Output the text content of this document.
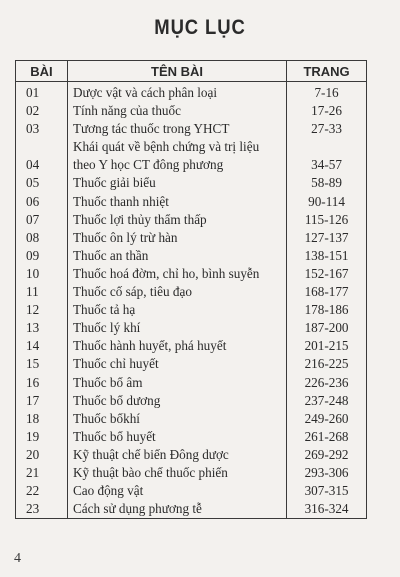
MỤC LỤC
BÀI	TÊN BÀI	TRANG
01	Dược vật và cách phân loại	7-16
02	Tính năng của thuốc	17-26
03	Tương tác thuốc trong YHCT	27-33
04	Khái quát về bệnh chứng và trị liệu
theo Y học CT đông phương	34-57
05	Thuốc giải biểu	58-89
06	Thuốc thanh nhiệt	90-114
07	Thuốc lợi thủy thẩm thấp	115-126
08	Thuốc ôn lý trừ hàn	127-137
09	Thuốc an thần	138-151
10	Thuốc hoá đờm, chỉ ho, bình suyễn	152-167
11	Thuốc cố sáp, tiêu đạo	168-177
12	Thuốc tả hạ	178-186
13	Thuốc lý khí	187-200
14	Thuốc hành huyết, phá huyết	201-215
15	Thuốc chỉ huyết	216-225
16	Thuốc bổ âm	226-236
17	Thuốc bổ dương	237-248
18	Thuốc bổkhí	249-260
19	Thuốc bổ huyết	261-268
20	Kỹ thuật chế biến Đông dược	269-292
21	Kỹ thuật bào chế thuốc phiến	293-306
22	Cao động vật	307-315
23	Cách sử dụng phương tễ	316-324
4
